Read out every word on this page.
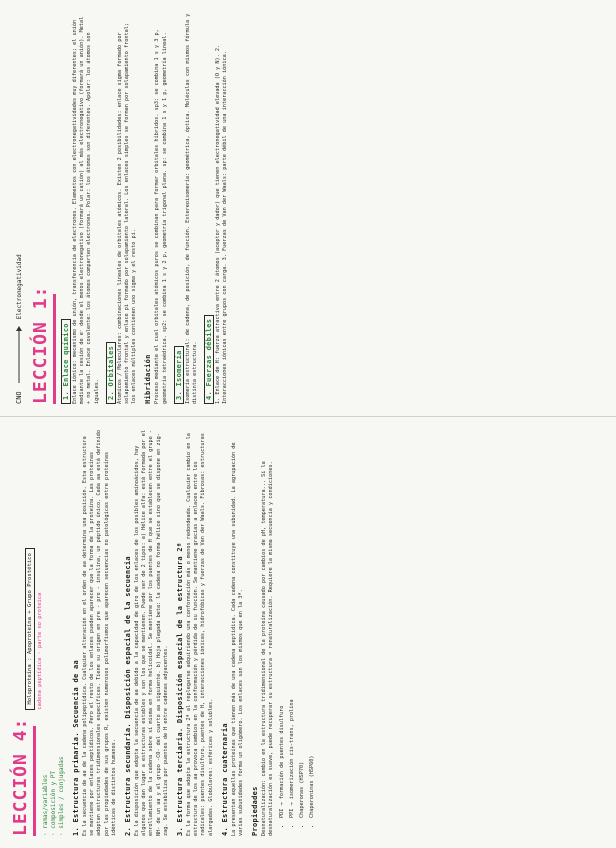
LECCIÓN 4: · ramas/variables · composición y PT · simples / conjugadas
Holoproteína : Apoproteína + Grupo Prostético cadena peptídica · parte no proteica
1. Estructura primaria. Secuencia de aa Es la secuencia de aa de la cadena polipeptídica. Cualquier alteración en el orden de aa determina una posición. Esta estructura se mantiene por enlaces peptídicos. Pero el resto de los enlaces pueden aparecer que la forma de la proteína. Las proteínas adoptan estructuras tridimensionales específicas. Tiene su origen en pre - pro - insulina, un péptido único. Cada aa está definido por las propiedades de sus grupos R, existen numerosos polimorfismos que aparecen secuencias no patológicas entre proteínas idénticas de distintos humanos. 2. Estructura secundaria. Disposición espacial de la secuencia Es la disposición que adopta la secuencia de aa debido a la capacidad de giro de los enlaces de los posibles aminoácidos, hay algunos que dan lugar a estructuras estables y son los que se mantienen. Puede ser de 2 tipos: a) Hélice alfa: está formada por el enrollamiento de la cadena sobre sí misma en forma helicoidal. Se mantiene por los puentes de H que se establecen entre el grupo -NH- de un aa y el grupo -CO- del cuarto aa siguiente. b) Hoja plegada beta: la cadena no forma hélice sino que se dispone en zig-zag. Se estabiliza por puentes de H entre cadenas adyacentes. 3. Estructura terciaria. Disposición espacial de la estructura 2ª Es la forma que adopta la estructura 2ª al replegarse adquiriendo una conformación más o menos redondeada. Cualquier cambio en la estructura de los aa provoca cambios en la conformación y pérdida de su función. Se mantiene gracias a enlaces entre los radicales: puentes disulfuro, puentes de H, interacciones iónicas, hidrofóbicas y fuerzas de Van der Waals. Fibrosas: estructuras alargadas. Globulares: esféricas y solubles. 4. Estructura cuaternaria La presentan aquellas proteínas que tienen más de una cadena peptídica. Cada cadena constituye una subunidad. La agrupación de varias subunidades forma un oligómero. Los enlaces son los mismos que en la 3ª. Propiedades Desnaturalización: cambio en la estructura tridimensional de la proteína causado por cambios de pH, temperatura... Si la desnaturalización es suave, puede recuperar su estructura = renaturalización. Requiere la misma secuencia y condiciones. • PDI → formación de puentes disulfuro • PPI → isomerización cis-trans, prolina • Chaperonas (HSP70) • Chaperoninas (HSP60)
CNO
Electronegatividad LECCIÓN 1: 1. Enlace químico Enlace iónico: mecanismo de unión, transferencia de electrones. Elementos con electronegatividades muy diferentes; el unión mediante la cesión de e⁻ desde el menos electronegativo (formará un catión) al más electronegativo (formará un anión). Metal + no metal. Enlace covalente: los átomos comparten electrones. Polar: los átomos son diferentes. Apolar: los átomos son iguales. 2. Orbitales Átomicos / Moleculares: combinaciones lineales de orbitales atómicos. Existen 2 posibilidades: enlace sigma formado por solapamiento frontal y enlace pi formado por solapamiento lateral. Los enlaces simples se forman por solapamiento frontal; los enlaces múltiples contienen uno sigma y el resto pi. Hibridación Proceso mediante el cual orbitales atómicos puros se combinan para formar orbitales híbridos. sp3: se combina 1 s y 3 p, geometría tetraédrica. sp2: se combina 1 s y 2 p, geometría trigonal plana. sp: se combina 1 s y 1 p, geometría lineal. 3. Isomería Isomería estructural: de cadena, de posición, de función. Estereoisomería: geométrica, óptica. Moléculas con mismos fórmula y distinta estructura. 4. Fuerzas débiles 1. Enlace de H: fuerza atractiva entre 2 átomos (aceptor y dador) que tienen electronegatividad elevada (O y N). 2. Interacciones iónicas entre grupos con carga. 3. Fuerzas de Van der Waals: parte débil de una interacción iónica.
